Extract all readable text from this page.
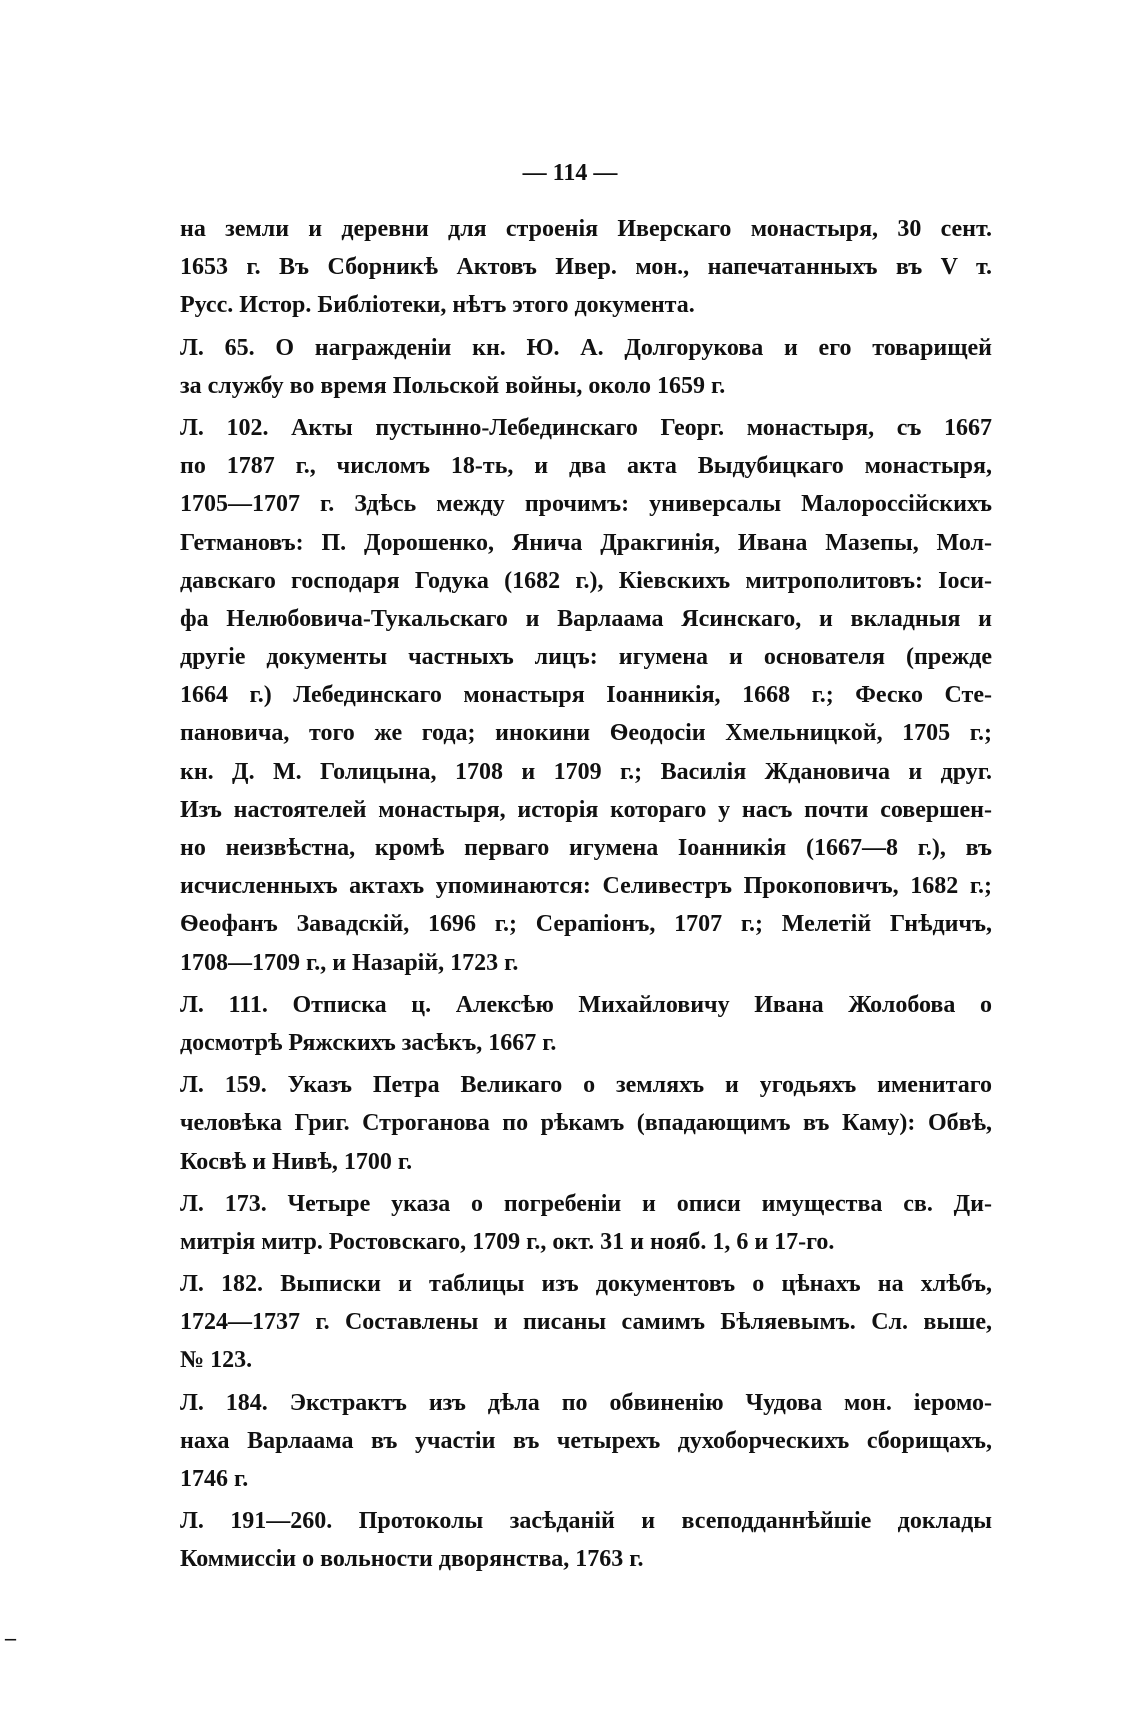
— 114 —
на земли и деревни для строенія Иверскаго монастыря, 30 сент.
1653 г. Въ Сборникѣ Актовъ Ивер. мон., напечатанныхъ въ V т.
Русс. Истор. Библіотеки, нѣтъ этого документа.
Л. 65. О награжденіи кн. Ю. А. Долгорукова и его товарищей
за службу во время Польской войны, около 1659 г.
Л. 102. Акты пустынно-Лебединскаго Георг. монастыря, съ 1667
по 1787 г., числомъ 18-ть, и два акта Выдубицкаго монастыря,
1705—1707 г. Здѣсь между прочимъ: универсалы Малороссійскихъ
Гетмановъ: П. Дорошенко, Янича Дракгинія, Ивана Мазепы, Мол-
давскаго господаря Годука (1682 г.), Кіевскихъ митрополитовъ: Іоси-
фа Нелюбовича-Тукальскаго и Варлаама Ясинскаго, и вкладныя и
другіе документы частныхъ лицъ: игумена и основателя (прежде
1664 г.) Лебединскаго монастыря Іоанникія, 1668 г.; Феско Сте-
пановича, того же года; инокини Ѳеодосіи Хмельницкой, 1705 г.;
кн. Д. М. Голицына, 1708 и 1709 г.; Василія Ждановича и друг.
Изъ настоятелей монастыря, исторія котораго у насъ почти совершен-
но неизвѣстна, кромѣ перваго игумена Іоанникія (1667—8 г.), въ
исчисленныхъ актахъ упоминаются: Селивестръ Прокоповичъ, 1682 г.;
Ѳеофанъ Завадскій, 1696 г.; Серапіонъ, 1707 г.; Мелетій Гнѣдичъ,
1708—1709 г., и Назарій, 1723 г.
Л. 111. Отписка ц. Алексѣю Михайловичу Ивана Жолобова о
досмотрѣ Ряжскихъ засѣкъ, 1667 г.
Л. 159. Указъ Петра Великаго о земляхъ и угодьяхъ именитаго
человѣка Григ. Строганова по рѣкамъ (впадающимъ въ Каму): Обвѣ,
Косвѣ и Нивѣ, 1700 г.
Л. 173. Четыре указа о погребеніи и описи имущества св. Ди-
митрія митр. Ростовскаго, 1709 г., окт. 31 и нояб. 1, 6 и 17-го.
Л. 182. Выписки и таблицы изъ документовъ о цѣнахъ на хлѣбъ,
1724—1737 г. Составлены и писаны самимъ Бѣляевымъ. Сл. выше,
№ 123.
Л. 184. Экстрактъ изъ дѣла по обвиненію Чудова мон. іеромо-
наха Варлаама въ участіи въ четырехъ духоборческихъ сборищахъ,
1746 г.
Л. 191—260. Протоколы засѣданій и всеподданнѣйшіе доклады
Коммиссіи о вольности дворянства, 1763 г.
–
